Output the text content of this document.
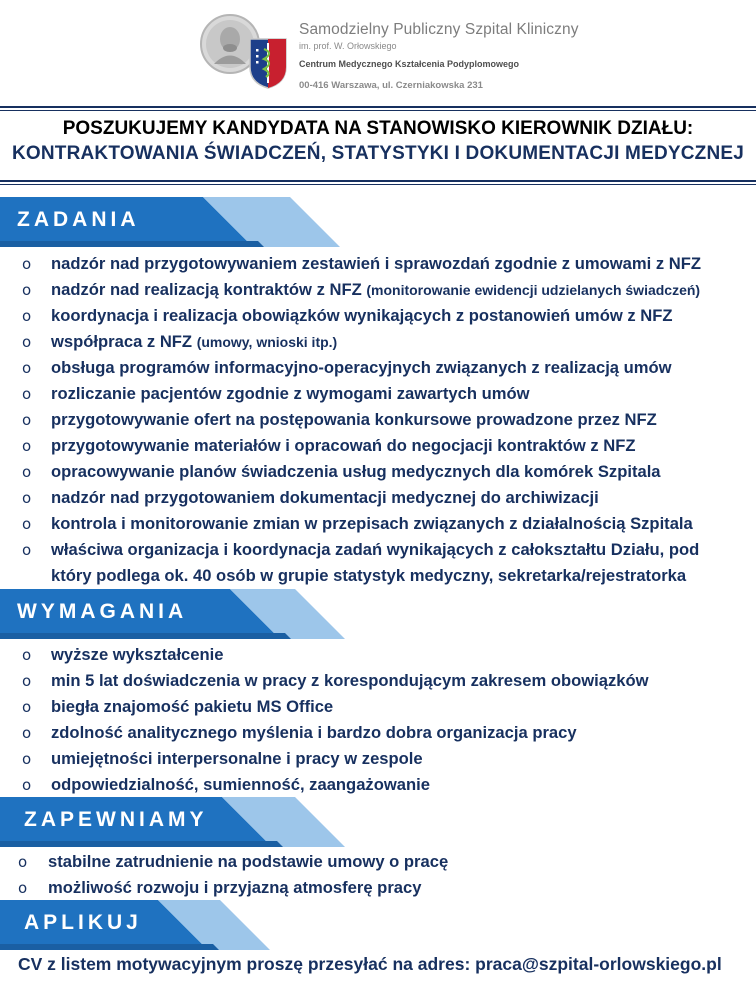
Samodzielny Publiczny Szpital Kliniczny
im. prof. W. Orłowskiego
Centrum Medycznego Kształcenia Podyplomowego
00-416 Warszawa, ul. Czerniakowska 231
POSZUKUJEMY KANDYDATA NA STANOWISKO KIEROWNIK DZIAŁU:
KONTRAKTOWANIA ŚWIADCZEŃ, STATYSTYKI I DOKUMENTACJI MEDYCZNEJ
ZADANIA
o nadzór nad przygotowywaniem zestawień i sprawozdań zgodnie z umowami z NFZ
o nadzór nad realizacją kontraktów z NFZ (monitorowanie ewidencji udzielanych świadczeń)
o koordynacja i realizacja obowiązków wynikających z postanowień umów z NFZ
o współpraca z NFZ (umowy, wnioski itp.)
o obsługa programów informacyjno-operacyjnych związanych z realizacją umów
o rozliczanie pacjentów zgodnie z wymogami zawartych umów
o przygotowywanie ofert na postępowania konkursowe prowadzone przez NFZ
o przygotowywanie materiałów i opracowań do negocjacji kontraktów z NFZ
o opracowywanie planów świadczenia usług medycznych dla komórek Szpitala
o nadzór nad przygotowaniem dokumentacji medycznej do archiwizacji
o kontrola i monitorowanie zmian w przepisach związanych z działalnością Szpitala
o właściwa organizacja i koordynacja zadań wynikających z całokształtu Działu, pod
który podlega ok. 40 osób w grupie statystyk medyczny, sekretarka/rejestratorka
WYMAGANIA
o wyższe wykształcenie
o min 5 lat doświadczenia w pracy z korespondującym zakresem obowiązków
o biegła znajomość pakietu MS Office
o zdolność analitycznego myślenia i bardzo dobra organizacja pracy
o umiejętności interpersonalne i pracy w zespole
o odpowiedzialność, sumienność, zaangażowanie
ZAPEWNIAMY
o stabilne zatrudnienie na podstawie umowy o pracę
o możliwość rozwoju i przyjazną atmosferę pracy
APLIKUJ
CV z listem motywacyjnym proszę przesyłać na adres: praca@szpital-orlowskiego.pl
